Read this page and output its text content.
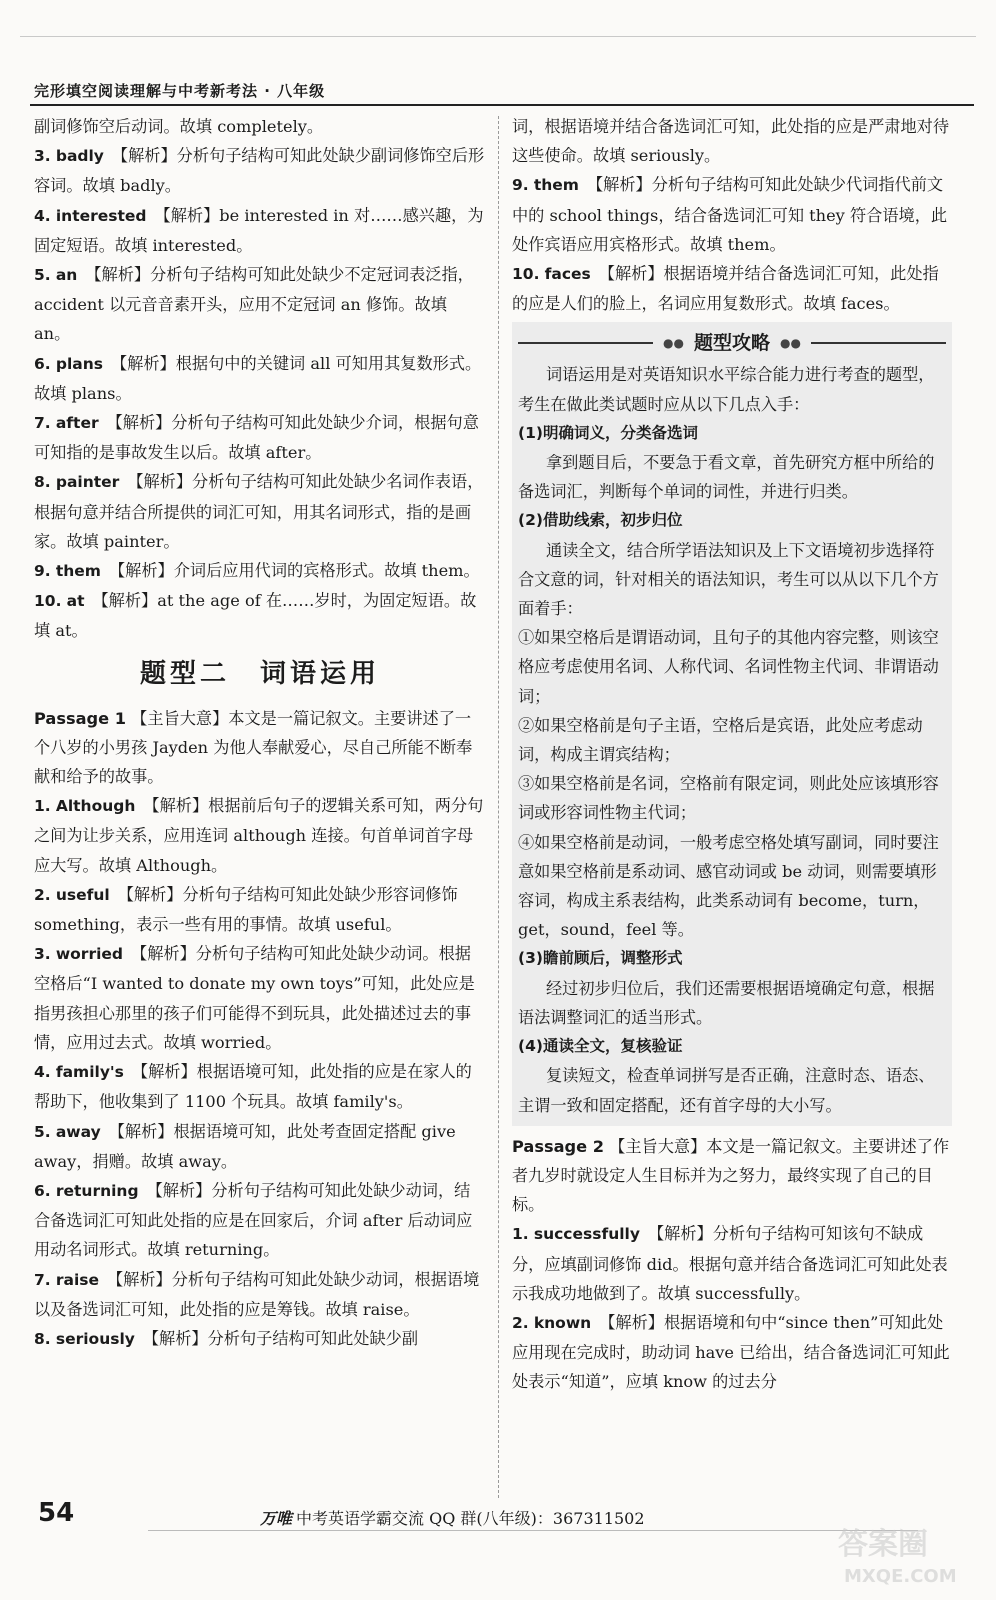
完形填空阅读理解与中考新考法 · 八年级

副词修饰空后动词。故填 completely。

3. badly 【解析】分析句子结构可知此处缺少副词修饰空后形容词。故填 badly。

4. interested 【解析】be interested in 对……感兴趣，为固定短语。故填 interested。

5. an 【解析】分析句子结构可知此处缺少不定冠词表泛指，accident 以元音音素开头，应用不定冠词 an 修饰。故填 an。

6. plans 【解析】根据句中的关键词 all 可知用其复数形式。故填 plans。

7. after 【解析】分析句子结构可知此处缺少介词，根据句意可知指的是事故发生以后。故填 after。

8. painter 【解析】分析句子结构可知此处缺少名词作表语，根据句意并结合所提供的词汇可知，用其名词形式，指的是画家。故填 painter。

9. them 【解析】介词后应用代词的宾格形式。故填 them。

10. at 【解析】at the age of 在……岁时，为固定短语。故填 at。

题型二　词语运用

Passage 1 【主旨大意】本文是一篇记叙文。主要讲述了一个八岁的小男孩 Jayden 为他人奉献爱心，尽自己所能不断奉献和给予的故事。

1. Although 【解析】根据前后句子的逻辑关系可知，两分句之间为让步关系，应用连词 although 连接。句首单词首字母应大写。故填 Although。

2. useful 【解析】分析句子结构可知此处缺少形容词修饰 something，表示一些有用的事情。故填 useful。

3. worried 【解析】分析句子结构可知此处缺少动词。根据空格后“I wanted to donate my own toys”可知，此处应是指男孩担心那里的孩子们可能得不到玩具，此处描述过去的事情，应用过去式。故填 worried。

4. family's 【解析】根据语境可知，此处指的应是在家人的帮助下，他收集到了 1100 个玩具。故填 family's。

5. away 【解析】根据语境可知，此处考查固定搭配 give away，捐赠。故填 away。

6. returning 【解析】分析句子结构可知此处缺少动词，结合备选词汇可知此处指的应是在回家后，介词 after 后动词应用动名词形式。故填 returning。

7. raise 【解析】分析句子结构可知此处缺少动词，根据语境以及备选词汇可知，此处指的应是筹钱。故填 raise。

8. seriously 【解析】分析句子结构可知此处缺少副

词，根据语境并结合备选词汇可知，此处指的应是严肃地对待这些使命。故填 seriously。

9. them 【解析】分析句子结构可知此处缺少代词指代前文中的 school things，结合备选词汇可知 they 符合语境，此处作宾语应用宾格形式。故填 them。

10. faces 【解析】根据语境并结合备选词汇可知，此处指的应是人们的脸上，名词应用复数形式。故填 faces。

●● 题型攻略 ●●

词语运用是对英语知识水平综合能力进行考查的题型，考生在做此类试题时应从以下几点入手：

(1)明确词义，分类备选词

拿到题目后，不要急于看文章，首先研究方框中所给的备选词汇，判断每个单词的词性，并进行归类。

(2)借助线索，初步归位

通读全文，结合所学语法知识及上下文语境初步选择符合文意的词，针对相关的语法知识，考生可以从以下几个方面着手：

①如果空格后是谓语动词，且句子的其他内容完整，则该空格应考虑使用名词、人称代词、名词性物主代词、非谓语动词；

②如果空格前是句子主语，空格后是宾语，此处应考虑动词，构成主谓宾结构；

③如果空格前是名词，空格前有限定词，则此处应该填形容词或形容词性物主代词；

④如果空格前是动词，一般考虑空格处填写副词，同时要注意如果空格前是系动词、感官动词或 be 动词，则需要填形容词，构成主系表结构，此类系动词有 become，turn，get，sound，feel 等。

(3)瞻前顾后，调整形式

经过初步归位后，我们还需要根据语境确定句意，根据语法调整词汇的适当形式。

(4)通读全文，复核验证

复读短文，检查单词拼写是否正确，注意时态、语态、主谓一致和固定搭配，还有首字母的大小写。

Passage 2 【主旨大意】本文是一篇记叙文。主要讲述了作者九岁时就设定人生目标并为之努力，最终实现了自己的目标。

1. successfully 【解析】分析句子结构可知该句不缺成分，应填副词修饰 did。根据句意并结合备选词汇可知此处表示我成功地做到了。故填 successfully。

2. known 【解析】根据语境和句中“since then”可知此处应用现在完成时，助动词 have 已给出，结合备选词汇可知此处表示“知道”，应填 know 的过去分

54	万唯 中考英语学霸交流 QQ 群(八年级)：367311502
答案圈
MXQE.COM
